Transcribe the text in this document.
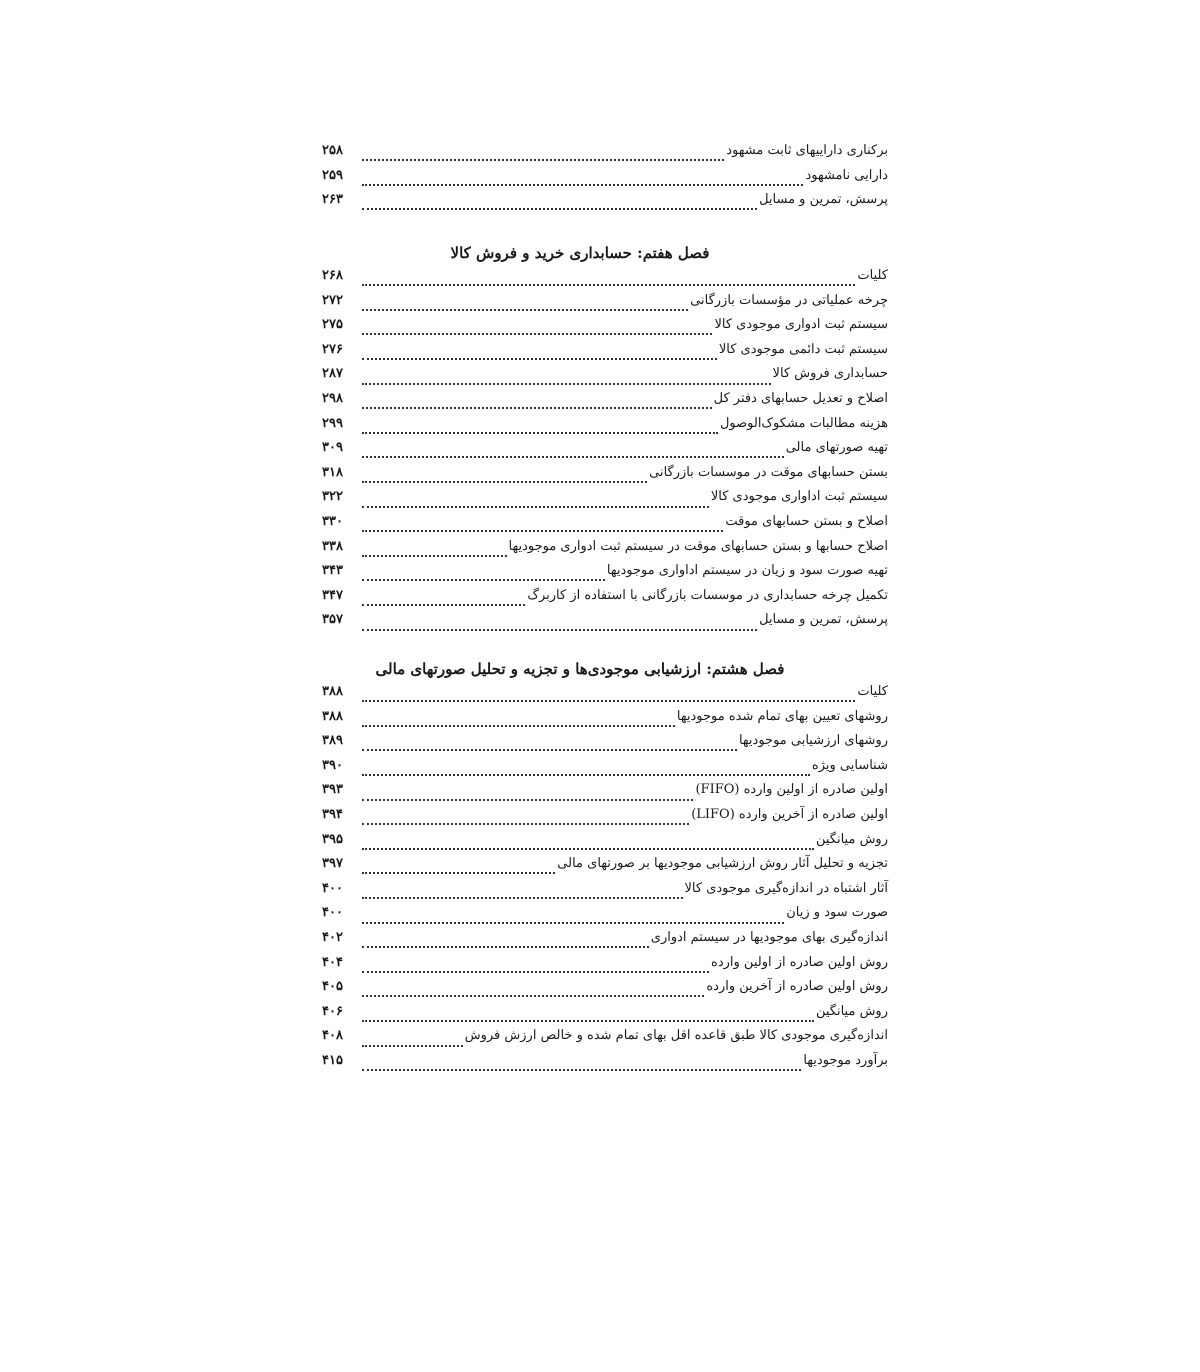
برکناری داراییهای ثابت مشهود
۲۵۸
دارایی نامشهود
۲۵۹
پرسش، تمرین و مسایل
۲۶۳
فصل هفتم: حسابداری خرید و فروش کالا
کلیات
۲۶۸
چرخه عملیاتی در مؤسسات بازرگانی
۲۷۲
سیستم ثبت ادواری موجودی کالا
۲۷۵
سیستم ثبت دائمی موجودی کالا
۲۷۶
حسابداری فروش کالا
۲۸۷
اصلاح و تعدیل حسابهای دفتر کل
۲۹۸
هزینه مطالبات مشکوک‌الوصول
۲۹۹
تهیه صورتهای مالی
۳۰۹
بستن حسابهای موقت در موسسات بازرگانی
۳۱۸
سیستم ثبت اداواری موجودی کالا
۳۲۲
اصلاح و بستن حسابهای موقت
۳۳۰
اصلاح حسابها و بستن حسابهای موقت در سیستم ثبت ادواری موجودیها
۳۳۸
تهیه صورت سود و زیان در سیستم اداواری موجودیها
۳۴۳
تکمیل چرخه حسابداری در موسسات بازرگانی با استفاده از کاربرگ
۳۴۷
پرسش، تمرین و مسایل
۳۵۷
فصل هشتم: ارزشیابی موجودی‌ها و تجزیه و تحلیل صورتهای مالی
کلیات
۳۸۸
روشهای تعیین بهای تمام شده موجودیها
۳۸۸
روشهای ارزشیابی موجودیها
۳۸۹
شناسایی ویژه
۳۹۰
اولین صادره از اولین وارده (FIFO)
۳۹۳
اولین صادره از آخرین وارده (LIFO)
۳۹۴
روش میانگین
۳۹۵
تجزیه و تحلیل آثار روش ارزشیابی موجودیها بر صورتهای مالی
۳۹۷
آثار اشتباه در اندازه‌گیری موجودی کالا
۴۰۰
صورت سود و زیان
۴۰۰
اندازه‌گیری بهای موجودیها در سیستم ادواری
۴۰۲
روش اولین صادره از اولین وارده
۴۰۴
روش اولین صادره از آخرین وارده
۴۰۵
روش میانگین
۴۰۶
اندازه‌گیری موجودی کالا طبق قاعده اقل بهای تمام شده و خالص ارزش فروش
۴۰۸
برآورد موجودیها
۴۱۵
